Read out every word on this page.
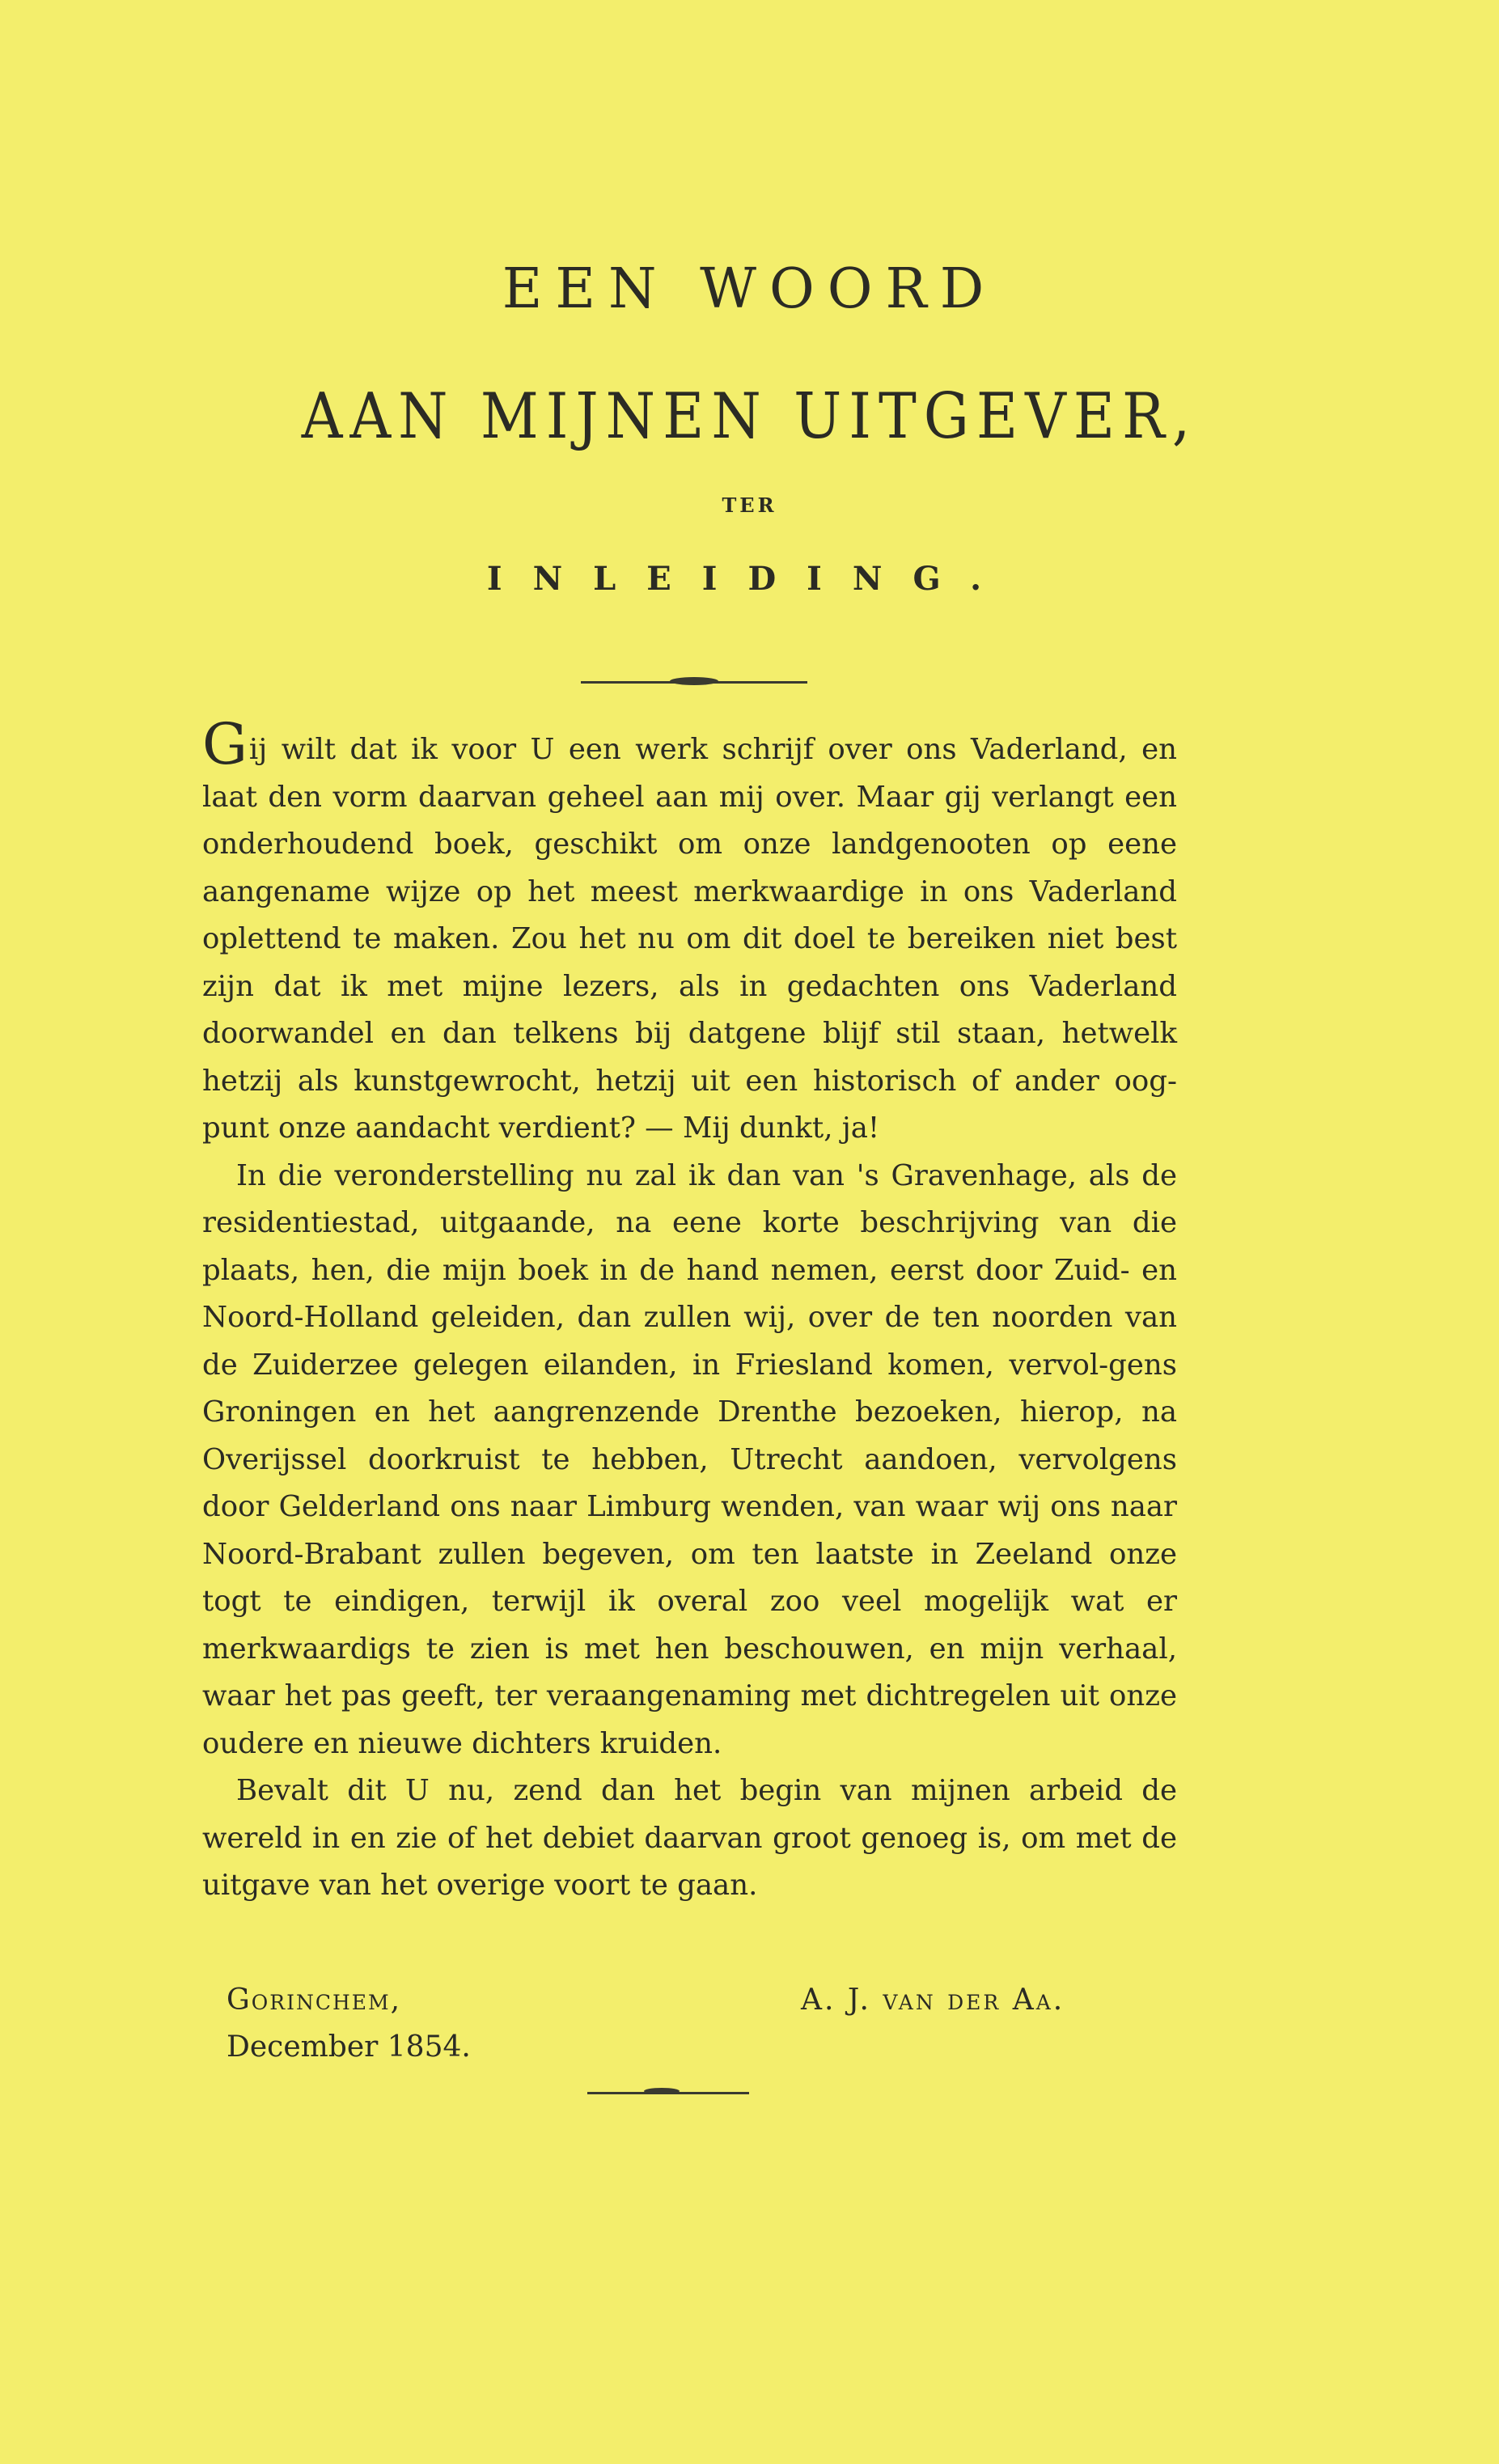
EEN WOORD
AAN MIJNEN UITGEVER,
TER
INLEIDING.

Gij wilt dat ik voor U een werk schrijf over ons Vaderland, en laat den vorm daarvan geheel aan mij over. Maar gij verlangt een onderhoudend boek, geschikt om onze landgenooten op eene aangename wijze op het meest merkwaardige in ons Vaderland oplettend te maken. Zou het nu om dit doel te bereiken niet best zijn dat ik met mijne lezers, als in gedachten ons Vaderland doorwandel en dan telkens bij datgene blijf stil staan, hetwelk hetzij als kunstgewrocht, hetzij uit een historisch of ander oog-punt onze aandacht verdient? — Mij dunkt, ja!

In die veronderstelling nu zal ik dan van 's Gravenhage, als de residentiestad, uitgaande, na eene korte beschrijving van die plaats, hen, die mijn boek in de hand nemen, eerst door Zuid- en Noord-Holland geleiden, dan zullen wij, over de ten noorden van de Zuiderzee gelegen eilanden, in Friesland komen, vervol-gens Groningen en het aangrenzende Drenthe bezoeken, hierop, na Overijssel doorkruist te hebben, Utrecht aandoen, vervolgens door Gelderland ons naar Limburg wenden, van waar wij ons naar Noord-Brabant zullen begeven, om ten laatste in Zeeland onze togt te eindigen, terwijl ik overal zoo veel mogelijk wat er merkwaardigs te zien is met hen beschouwen, en mijn verhaal, waar het pas geeft, ter veraangenaming met dichtregelen uit onze oudere en nieuwe dichters kruiden.

Bevalt dit U nu, zend dan het begin van mijnen arbeid de wereld in en zie of het debiet daarvan groot genoeg is, om met de uitgave van het overige voort te gaan.

Gorinchem,
December 1854.
A. J. van der Aa.
